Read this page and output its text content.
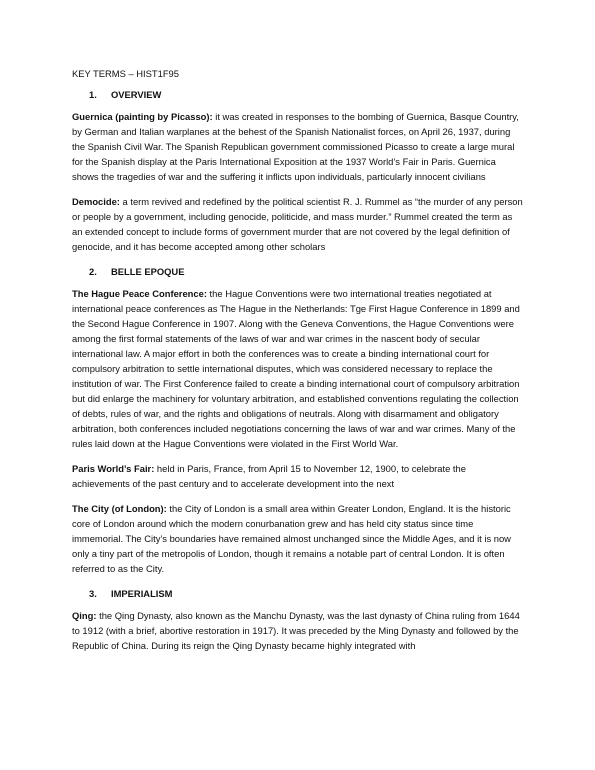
KEY TERMS – HIST1F95
1. OVERVIEW

Guernica (painting by Picasso): it was created in responses to the bombing of Guernica, Basque Country, by German and Italian warplanes at the behest of the Spanish Nationalist forces, on April 26, 1937, during the Spanish Civil War. The Spanish Republican government commissioned Picasso to create a large mural for the Spanish display at the Paris International Exposition at the 1937 World’s Fair in Paris. Guernica shows the tragedies of war and the suffering it inflicts upon individuals, particularly innocent civilians

Democide: a term revived and redefined by the political scientist R. J. Rummel as “the murder of any person or people by a government, including genocide, politicide, and mass murder.” Rummel created the term as an extended concept to include forms of government murder that are not covered by the legal definition of genocide, and it has become accepted among other scholars

2. BELLE EPOQUE

The Hague Peace Conference: the Hague Conventions were two international treaties negotiated at international peace conferences as The Hague in the Netherlands: Tge First Hague Conference in 1899 and the Second Hague Conference in 1907. Along with the Geneva Conventions, the Hague Conventions were among the first formal statements of the laws of war and war crimes in the nascent body of secular international law. A major effort in both the conferences was to create a binding international court for compulsory arbitration to settle international disputes, which was considered necessary to replace the institution of war. The First Conference failed to create a binding international court of compulsory arbitration but did enlarge the machinery for voluntary arbitration, and established conventions regulating the collection of debts, rules of war, and the rights and obligations of neutrals. Along with disarmament and obligatory arbitration, both conferences included negotiations concerning the laws of war and war crimes. Many of the rules laid down at the Hague Conventions were violated in the First World War.

Paris World’s Fair: held in Paris, France, from April 15 to November 12, 1900, to celebrate the achievements of the past century and to accelerate development into the next

The City (of London): the City of London is a small area within Greater London, England. It is the historic core of London around which the modern conurbanation grew and has held city status since time immemorial. The City’s boundaries have remained almost unchanged since the Middle Ages, and it is now only a tiny part of the metropolis of London, though it remains a notable part of central London. It is often referred to as the City.

3. IMPERIALISM

Qing: the Qing Dynasty, also known as the Manchu Dynasty, was the last dynasty of China ruling from 1644 to 1912 (with a brief, abortive restoration in 1917). It was preceded by the Ming Dynasty and followed by the Republic of China. During its reign the Qing Dynasty became highly integrated with
